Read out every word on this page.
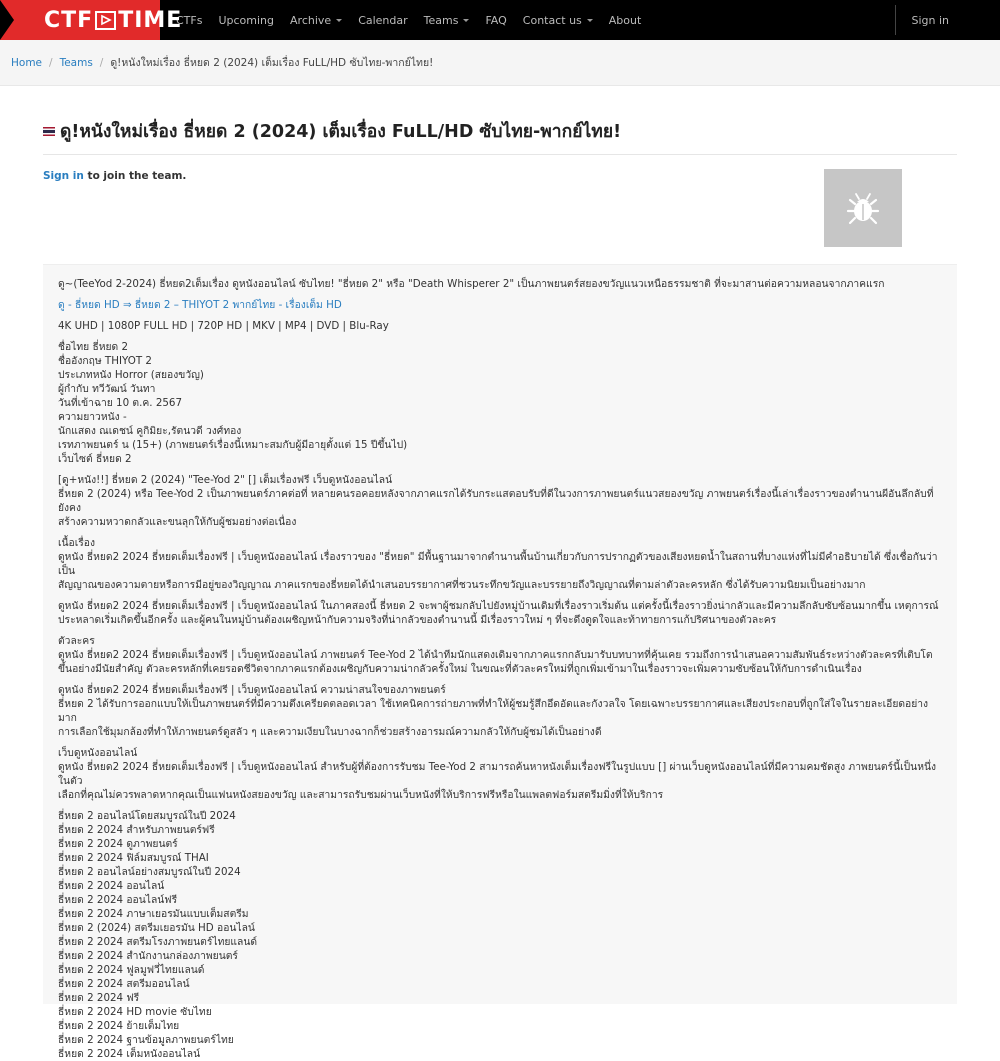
CTF TIME
CTFs Upcoming Archive Calendar Teams FAQ Contact us About	Sign in
Home / Teams / ดู!หนังใหม่เรื่อง ธี่หยด 2 (2024) เต็มเรื่อง FuLL/HD ซับไทย-พากย์ไทย!
ดู!หนังใหม่เรื่อง ธี่หยด 2 (2024) เต็มเรื่อง FuLL/HD ซับไทย-พากย์ไทย!
Sign in to join the team.

ดู~(TeeYod 2-2024) ธี่หยด2เต็มเรื่อง ดูหนังออนไลน์ ซับไทย! "ธี่หยด 2" หรือ "Death Whisperer 2" เป็นภาพยนตร์สยองขวัญแนวเหนือธรรมชาติ ที่จะมาสานต่อความหลอนจากภาคแรก

ดู - ธี่หยด HD ⇒ ธี่หยด 2 – THIYOT 2 พากย์ไทย - เรื่องเต็ม HD

4K UHD | 1080P FULL HD | 720P HD | MKV | MP4 | DVD | Blu-Ray

ชื่อไทย ธี่หยด 2
ชื่ออังกฤษ THIYOT 2
ประเภทหนัง Horror (สยองขวัญ)
ผู้กำกับ ทวีวัฒน์ วันทา
วันที่เข้าฉาย 10 ต.ค. 2567
ความยาวหนัง -
นักแสดง ณเดชน์ คูกิมิยะ,รัตนวดี วงศ์ทอง
เรทภาพยนตร์ น (15+) (ภาพยนตร์เรื่องนี้เหมาะสมกับผู้มีอายุตั้งแต่ 15 ปีขึ้นไป)
เว็บไซต์ ธี่หยด 2

[ดู+หนัง!!] ธี่หยด 2 (2024) "Tee-Yod 2" [] เต็มเรื่องฟรี เว็บดูหนังออนไลน์
ธี่หยด 2 (2024) หรือ Tee-Yod 2 เป็นภาพยนตร์ภาคต่อที่ หลายคนรอคอยหลังจากภาคแรกได้รับกระแสตอบรับที่ดีในวงการภาพยนตร์แนวสยองขวัญ ภาพยนตร์เรื่องนี้เล่าเรื่องราวของตำนานผีอันลึกลับที่ยังคง
สร้างความหวาดกลัวและขนลุกให้กับผู้ชมอย่างต่อเนื่อง

เนื้อเรื่อง
ดูหนัง ธี่หยด2 2024 ธี่หยดเต็มเรื่องฟรี | เว็บดูหนังออนไลน์ เรื่องราวของ "ธี่หยด" มีพื้นฐานมาจากตำนานพื้นบ้านเกี่ยวกับการปรากฏตัวของเสียงหยดน้ำในสถานที่บางแห่งที่ไม่มีคำอธิบายได้ ซึ่งเชื่อกันว่าเป็น
สัญญาณของความตายหรือการมีอยู่ของวิญญาณ ภาคแรกของธี่หยดได้นำเสนอบรรยากาศที่ชวนระทึกขวัญและบรรยายถึงวิญญาณที่ตามล่าตัวละครหลัก ซึ่งได้รับความนิยมเป็นอย่างมาก

ดูหนัง ธี่หยด2 2024 ธี่หยดเต็มเรื่องฟรี | เว็บดูหนังออนไลน์ ในภาคสองนี้ ธี่หยด 2 จะพาผู้ชมกลับไปยังหมู่บ้านเดิมที่เรื่องราวเริ่มต้น แต่ครั้งนี้เรื่องราวยิ่งน่ากลัวและมีความลึกลับซับซ้อนมากขึ้น เหตุการณ์
ประหลาดเริ่มเกิดขึ้นอีกครั้ง และผู้คนในหมู่บ้านต้องเผชิญหน้ากับความจริงที่น่ากลัวของตำนานนี้ มีเรื่องราวใหม่ ๆ ที่จะดึงดูดใจและท้าทายการแก้ปริศนาของตัวละคร

ตัวละคร
ดูหนัง ธี่หยด2 2024 ธี่หยดเต็มเรื่องฟรี | เว็บดูหนังออนไลน์ ภาพยนตร์ Tee-Yod 2 ได้นำทีมนักแสดงเดิมจากภาคแรกกลับมารับบทบาทที่คุ้นเคย รวมถึงการนำเสนอความสัมพันธ์ระหว่างตัวละครที่เติบโต
ขึ้นอย่างมีนัยสำคัญ ตัวละครหลักที่เคยรอดชีวิตจากภาคแรกต้องเผชิญกับความน่ากลัวครั้งใหม่ ในขณะที่ตัวละครใหม่ที่ถูกเพิ่มเข้ามาในเรื่องราวจะเพิ่มความซับซ้อนให้กับการดำเนินเรื่อง

ดูหนัง ธี่หยด2 2024 ธี่หยดเต็มเรื่องฟรี | เว็บดูหนังออนไลน์ ความน่าสนใจของภาพยนตร์
ธี่หยด 2 ได้รับการออกแบบให้เป็นภาพยนตร์ที่มีความตึงเครียดตลอดเวลา ใช้เทคนิคการถ่ายภาพที่ทำให้ผู้ชมรู้สึกอึดอัดและกังวลใจ โดยเฉพาะบรรยากาศและเสียงประกอบที่ถูกใส่ใจในรายละเอียดอย่างมาก
การเลือกใช้มุมกล้องที่ทำให้ภาพยนตร์ดูสลัว ๆ และความเงียบในบางฉากก็ช่วยสร้างอารมณ์ความกลัวให้กับผู้ชมได้เป็นอย่างดี

เว็บดูหนังออนไลน์
ดูหนัง ธี่หยด2 2024 ธี่หยดเต็มเรื่องฟรี | เว็บดูหนังออนไลน์ สำหรับผู้ที่ต้องการรับชม Tee-Yod 2 สามารถค้นหาหนังเต็มเรื่องฟรีในรูปแบบ [] ผ่านเว็บดูหนังออนไลน์ที่มีความคมชัดสูง ภาพยนตร์นี้เป็นหนึ่งในตัว
เลือกที่คุณไม่ควรพลาดหากคุณเป็นแฟนหนังสยองขวัญ และสามารถรับชมผ่านเว็บหนังที่ให้บริการฟรีหรือในแพลตฟอร์มสตรีมมิ่งที่ให้บริการ

ธี่หยด 2 ออนไลน์โดยสมบูรณ์ในปี 2024
ธี่หยด 2 2024 สำหรับภาพยนตร์ฟรี
ธี่หยด 2 2024 ดูภาพยนตร์
ธี่หยด 2 2024 ฟิล์มสมบูรณ์ THAI
ธี่หยด 2 ออนไลน์อย่างสมบูรณ์ในปี 2024
ธี่หยด 2 2024 ออนไลน์
ธี่หยด 2 2024 ออนไลน์ฟรี
ธี่หยด 2 2024 ภาษาเยอรมันแบบเต็มสตรีม
ธี่หยด 2 (2024) สตรีมเยอรมัน HD ออนไลน์
ธี่หยด 2 2024 สตรีมโรงภาพยนตร์ไทยแลนด์
ธี่หยด 2 2024 สำนักงานกล่องภาพยนตร์
ธี่หยด 2 2024 ฟูลมูฟวี่ไทยแลนด์
ธี่หยด 2 2024 สตรีมออนไลน์
ธี่หยด 2 2024 ฟรี
ธี่หยด 2 2024 HD movie ซับไทย
ธี่หยด 2 2024 ย้ายเต็มไทย
ธี่หยด 2 2024 ฐานข้อมูลภาพยนตร์ไทย
ธี่หยด 2 2024 เต็มหนังออนไลน์
